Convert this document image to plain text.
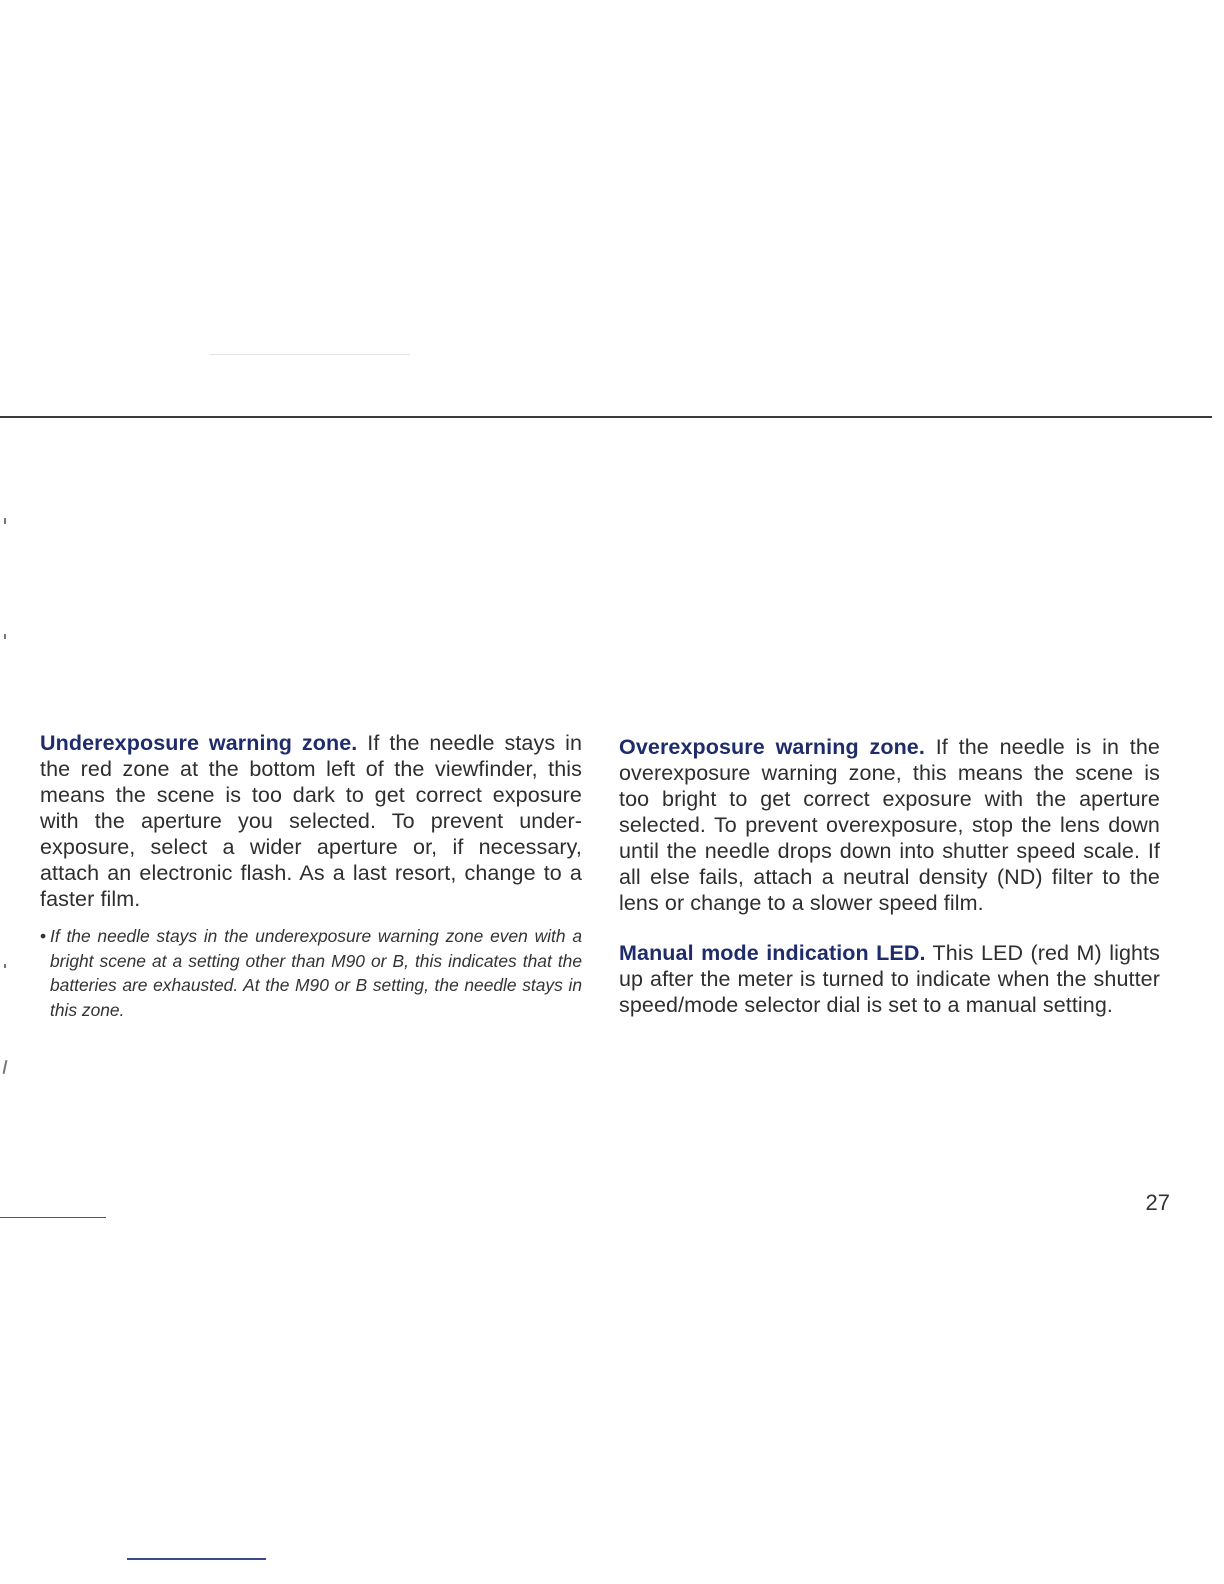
Underexposure warning zone. If the needle stays in the red zone at the bottom left of the viewfinder, this means the scene is too dark to get correct exposure with the aperture you selected. To prevent under-exposure, select a wider aperture or, if necessary, attach an electronic flash. As a last resort, change to a faster film.

• If the needle stays in the underexposure warning zone even with a bright scene at a setting other than M90 or B, this indicates that the batteries are exhausted. At the M90 or B setting, the needle stays in this zone.

Overexposure warning zone. If the needle is in the overexposure warning zone, this means the scene is too bright to get correct exposure with the aperture selected. To prevent overexposure, stop the lens down until the needle drops down into shutter speed scale. If all else fails, attach a neutral density (ND) filter to the lens or change to a slower speed film.

Manual mode indication LED. This LED (red M) lights up after the meter is turned to indicate when the shutter speed/mode selector dial is set to a manual setting.

27
